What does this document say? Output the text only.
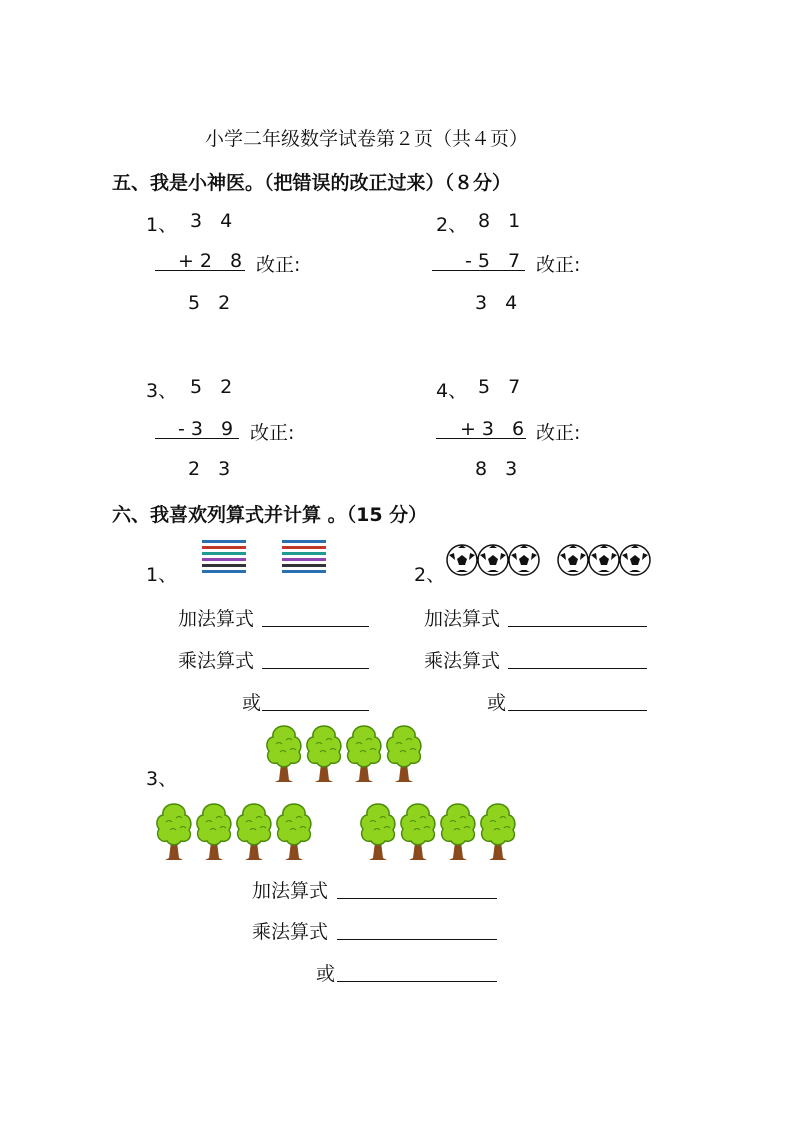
小学二年级数学试卷第２页（共４页）
五、我是小神医。（把错误的改正过来）（８分）
1、 3 4
+2 8 改正:
5 2
2、 8 1
-5 7 改正:
3 4
3、 5 2
-3 9 改正:
2 3
4、 5 7
+3 6 改正:
8 3
六、我喜欢列算式并计算 。（15 分）
1、	2、
加法算式
乘法算式
或
加法算式
乘法算式
或
3、
加法算式
乘法算式
或
